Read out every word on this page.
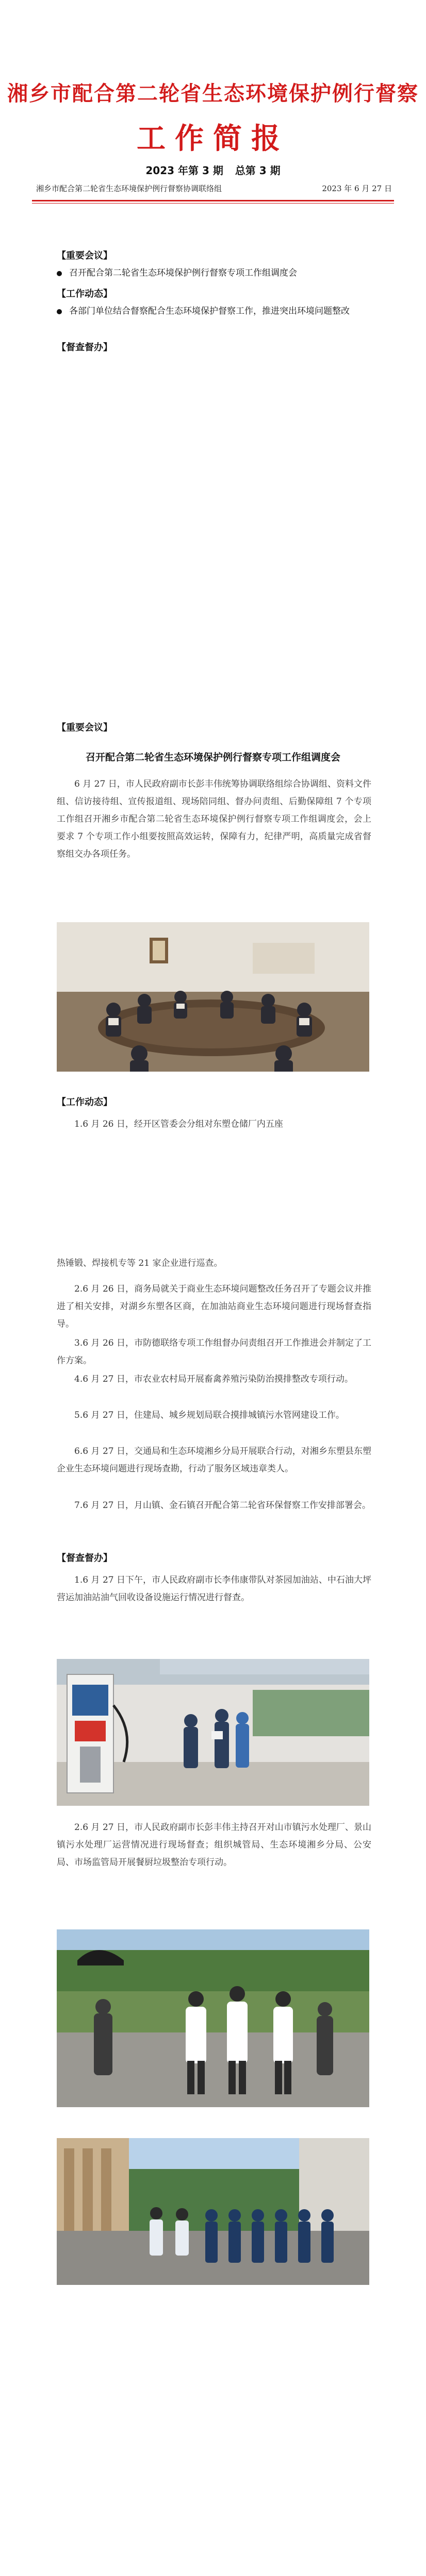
湘乡市配合第二轮省生态环境保护例行督察
工作简报
2023 年第 3 期 总第 3 期
湘乡市配合第二轮省生态环境保护例行督察协调联络组	2023 年 6 月 27 日
【重要会议】
召开配合第二轮省生态环境保护例行督察专项工作组调度会
【工作动态】
各部门单位结合督察配合生态环境保护督察工作，推进突出环境问题整改
【督查督办】
【重要会议】
召开配合第二轮省生态环境保护例行督察专项工作组调度会
6 月 27 日，市人民政府副市长彭丰伟统筹协调联络组综合协调组、资料文件组、信访接待组、宣传报道组、现场陪同组、督办问责组、后勤保障组 7 个专项工作组召开湘乡市配合第二轮省生态环境保护例行督察专项工作组调度会，会上要求 7 个专项工作小组要按照高效运转，保障有力，纪律严明，高质量完成省督察组交办各项任务。
【工作动态】
1.6 月 26 日，经开区管委会分组对东塑仓储厂内五座
热锤锻、焊接机专等 21 家企业进行巡查。
2.6 月 26 日，商务局就关于商业生态环境问题整改任务召开了专题会议并推进了相关安排，对湖乡东塑各区商，在加油站商业生态环境问题进行现场督查指导。
3.6 月 26 日，市防德联络专项工作组督办问责组召开工作推进会并制定了工作方案。
4.6 月 27 日，市农业农村局开展畜禽养殖污染防治摸排整改专项行动。
5.6 月 27 日，住建局、城乡规划局联合摸排城镇污水管网建设工作。
6.6 月 27 日，交通局和生态环境湘乡分局开展联合行动，对湘乡东塑县东塑企业生态环境问题进行现场查勘，行动了服务区域违章类人。
7.6 月 27 日，月山镇、金石镇召开配合第二轮省环保督察工作安排部署会。
【督查督办】
1.6 月 27 日下午，市人民政府副市长李伟康带队对茶园加油站、中石油大坪营运加油站油气回收设备设施运行情况进行督查。
2.6 月 27 日，市人民政府副市长彭丰伟主持召开对山市镇污水处理厂、景山镇污水处理厂运营情况进行现场督查；组织城管局、生态环境湘乡分局、公安局、市场监管局开展餐厨垃圾整治专项行动。
